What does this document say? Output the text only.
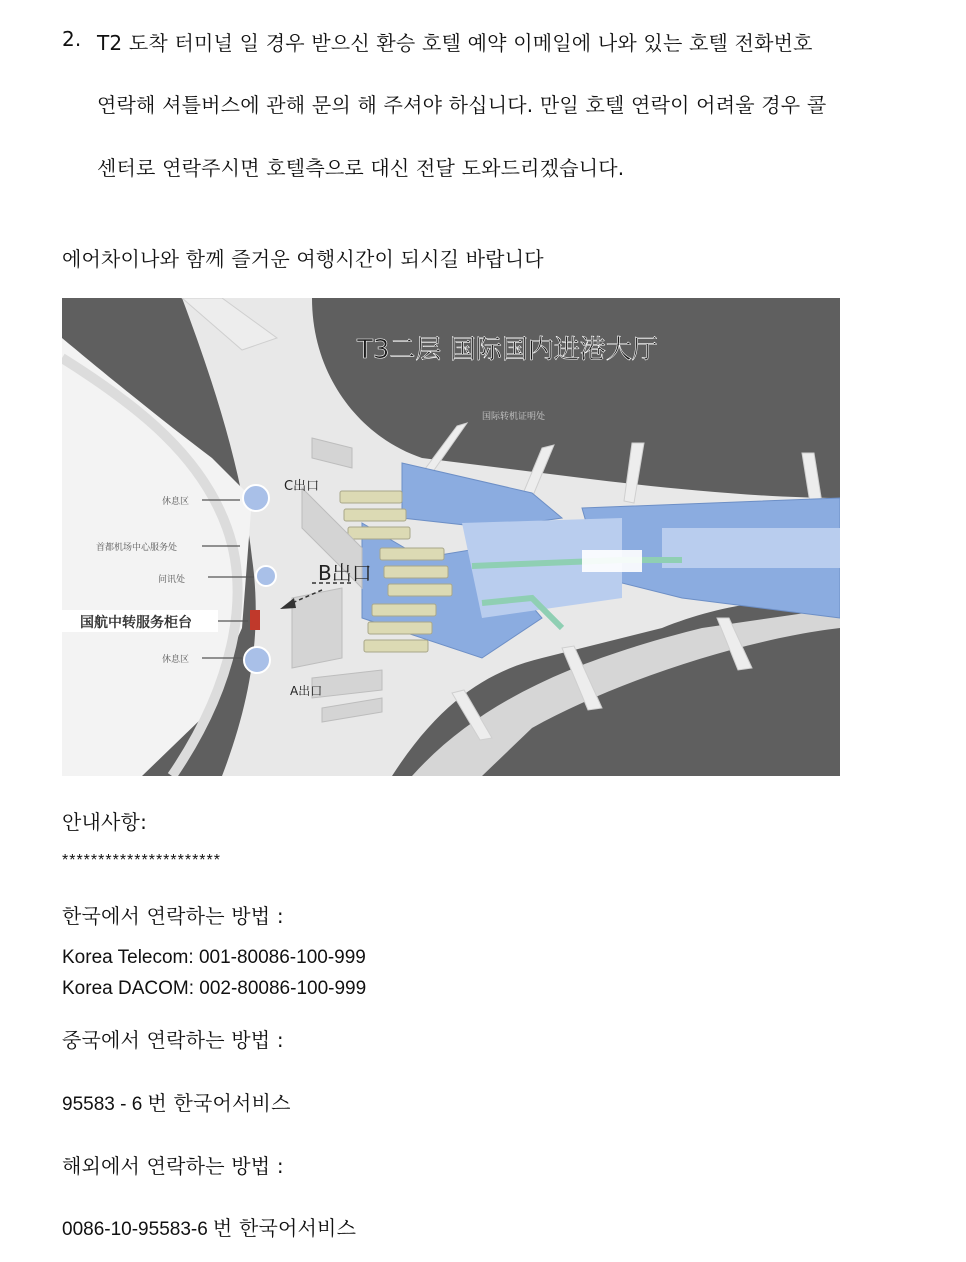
2. T2 도착 터미널 일 경우 받으신 환승 호텔 예약 이메일에 나와 있는 호텔 전화번호
연락해 셔틀버스에 관해 문의 해 주셔야 하십니다. 만일 호텔 연락이 어려울 경우 콜
센터로 연락주시면 호텔측으로 대신 전달 도와드리겠습니다.
에어차이나와 함께 즐거운 여행시간이 되시길 바랍니다
T3二层 国际国内进港大厅
国际转机证明处
C出口
B出口
A出口
休息区
首都机场中心服务处
问讯处
国航中转服务柜台
休息区
안내사항:
**********************
한국에서 연락하는 방법 :
Korea Telecom: 001-80086-100-999
Korea DACOM: 002-80086-100-999
중국에서 연락하는 방법 :
95583 - 6 번 한국어서비스
해외에서 연락하는 방법 :
0086-10-95583-6 번 한국어서비스
